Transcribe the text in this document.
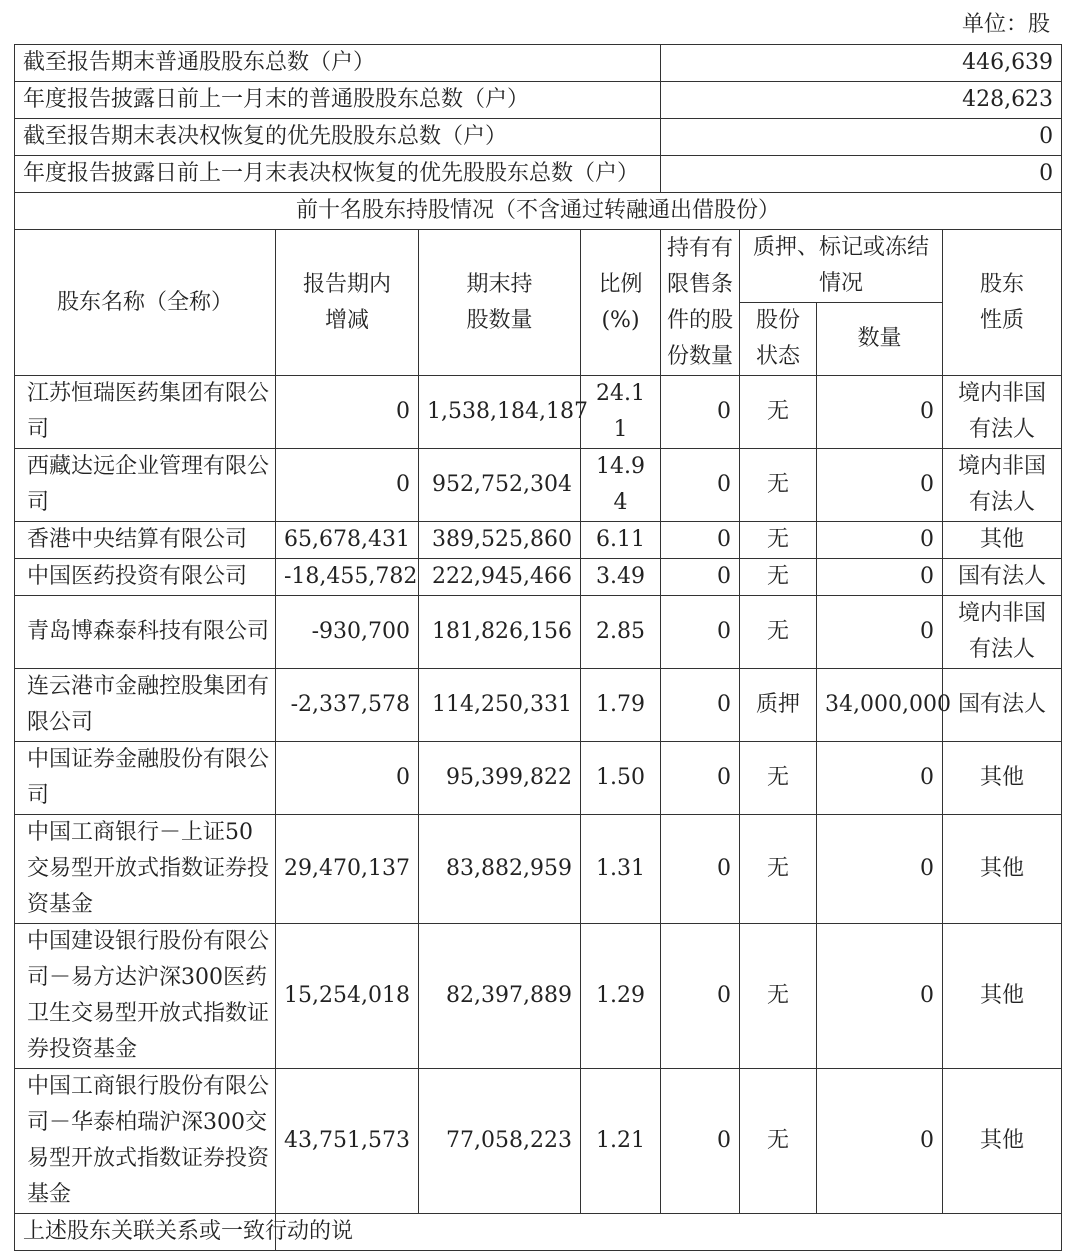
单位：股
截至报告期末普通股股东总数（户）				446,639			
年度报告披露日前上一月末的普通股股东总数（户）				428,623			
截至报告期末表决权恢复的优先股股东总数（户）				0			
年度报告披露日前上一月末表决权恢复的优先股股东总数（户）				0			
前十名股东持股情况（不含通过转融通出借股份）							
股东名称（全称）	报告期内增减	期末持股数量	比例(%)	持有有限售条件的股份数量	质押、标记或冻结情况		股东性质
					股份状态	数量	
江苏恒瑞医药集团有限公司	0	1,538,184,187	24.11	0	无	0	境内非国有法人
西藏达远企业管理有限公司	0	952,752,304	14.94	0	无	0	境内非国有法人
香港中央结算有限公司	65,678,431	389,525,860	6.11	0	无	0	其他
中国医药投资有限公司	-18,455,782	222,945,466	3.49	0	无	0	国有法人
青岛博森泰科技有限公司	-930,700	181,826,156	2.85	0	无	0	境内非国有法人
连云港市金融控股集团有限公司	-2,337,578	114,250,331	1.79	0	质押	34,000,000	国有法人
中国证券金融股份有限公司	0	95,399,822	1.50	0	无	0	其他
中国工商银行－上证50交易型开放式指数证券投资基金	29,470,137	83,882,959	1.31	0	无	0	其他
中国建设银行股份有限公司－易方达沪深300医药卫生交易型开放式指数证券投资基金	15,254,018	82,397,889	1.29	0	无	0	其他
中国工商银行股份有限公司－华泰柏瑞沪深300交易型开放式指数证券投资基金	43,751,573	77,058,223	1.21	0	无	0	其他
上述股东关联关系或一致行动的说							
